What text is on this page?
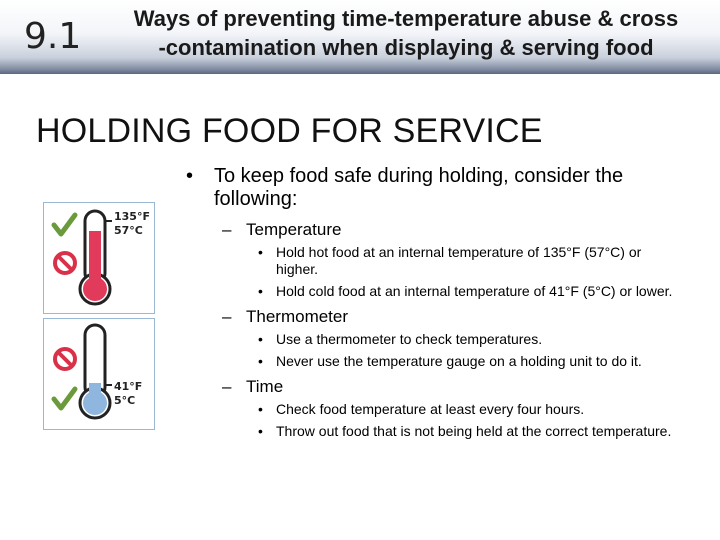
9.1	Ways of preventing time-temperature abuse & cross
-contamination when displaying & serving food
HOLDING FOOD FOR SERVICE
135°F
57°C
41°F
5°C
• To keep food safe during holding, consider the following:
– Temperature
• Hold hot food at an internal temperature of 135°F (57°C) or higher.
• Hold cold food at an internal temperature of 41°F (5°C) or lower.
– Thermometer
• Use a thermometer to check temperatures.
• Never use the temperature gauge on a holding unit to do it.
– Time
• Check food temperature at least every four hours.
• Throw out food that is not being held at the correct temperature.
